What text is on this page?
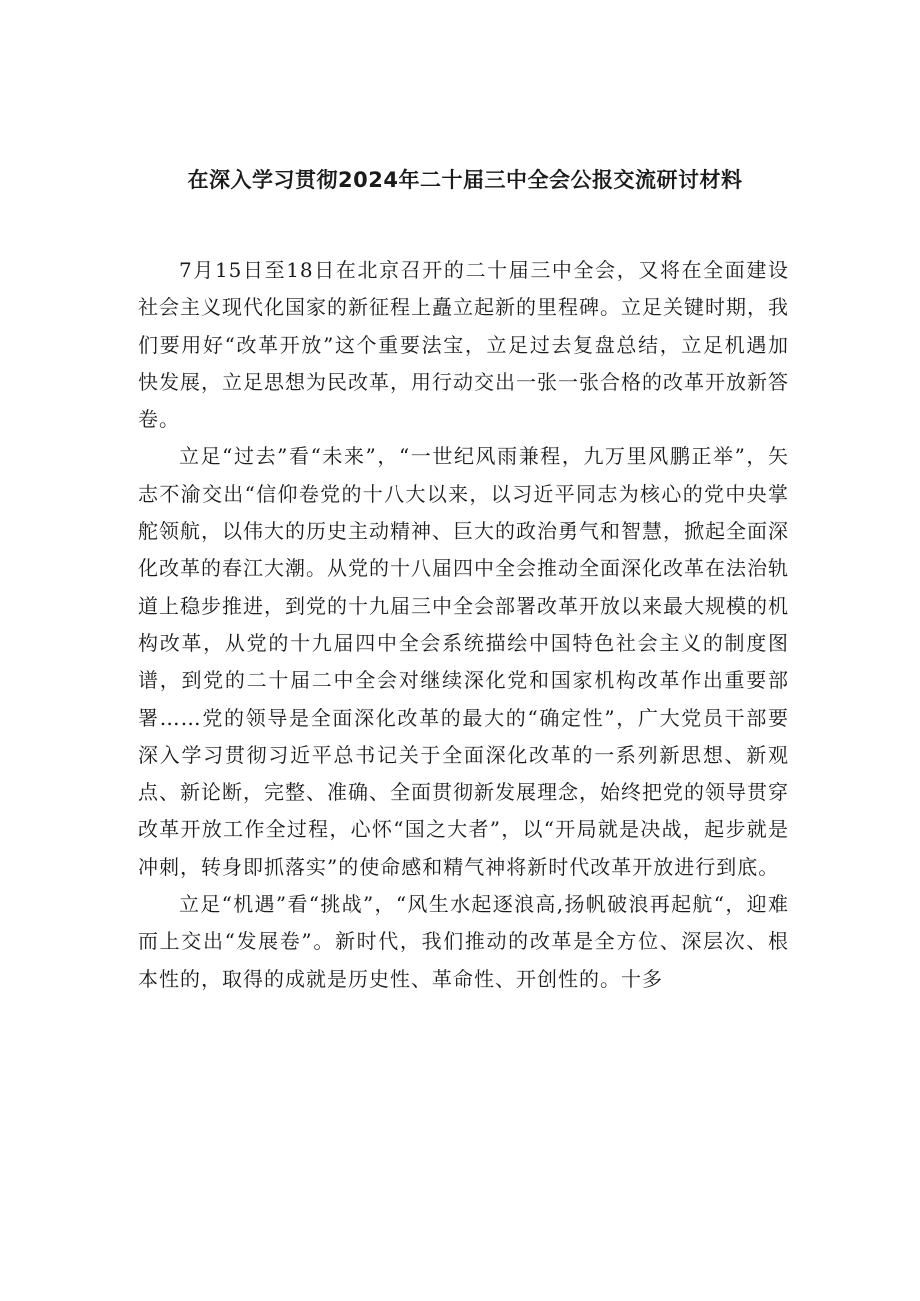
在深入学习贯彻2024年二十届三中全会公报交流研讨材料

7月15日至18日在北京召开的二十届三中全会，又将在全面建设社会主义现代化国家的新征程上矗立起新的里程碑。立足关键时期，我们要用好“改革开放”这个重要法宝，立足过去复盘总结，立足机遇加快发展，立足思想为民改革，用行动交出一张一张合格的改革开放新答卷。

立足“过去”看“未来”，“一世纪风雨兼程，九万里风鹏正举”，矢志不渝交出“信仰卷党的十八大以来，以习近平同志为核心的党中央掌舵领航，以伟大的历史主动精神、巨大的政治勇气和智慧，掀起全面深化改革的春江大潮。从党的十八届四中全会推动全面深化改革在法治轨道上稳步推进，到党的十九届三中全会部署改革开放以来最大规模的机构改革，从党的十九届四中全会系统描绘中国特色社会主义的制度图谱，到党的二十届二中全会对继续深化党和国家机构改革作出重要部署……党的领导是全面深化改革的最大的“确定性”，广大党员干部要深入学习贯彻习近平总书记关于全面深化改革的一系列新思想、新观点、新论断，完整、准确、全面贯彻新发展理念，始终把党的领导贯穿改革开放工作全过程，心怀“国之大者”，以“开局就是决战，起步就是冲刺，转身即抓落实”的使命感和精气神将新时代改革开放进行到底。

立足“机遇”看“挑战”，“风生水起逐浪高,扬帆破浪再起航“，迎难而上交出“发展卷”。新时代，我们推动的改革是全方位、深层次、根本性的，取得的成就是历史性、革命性、开创性的。十多
